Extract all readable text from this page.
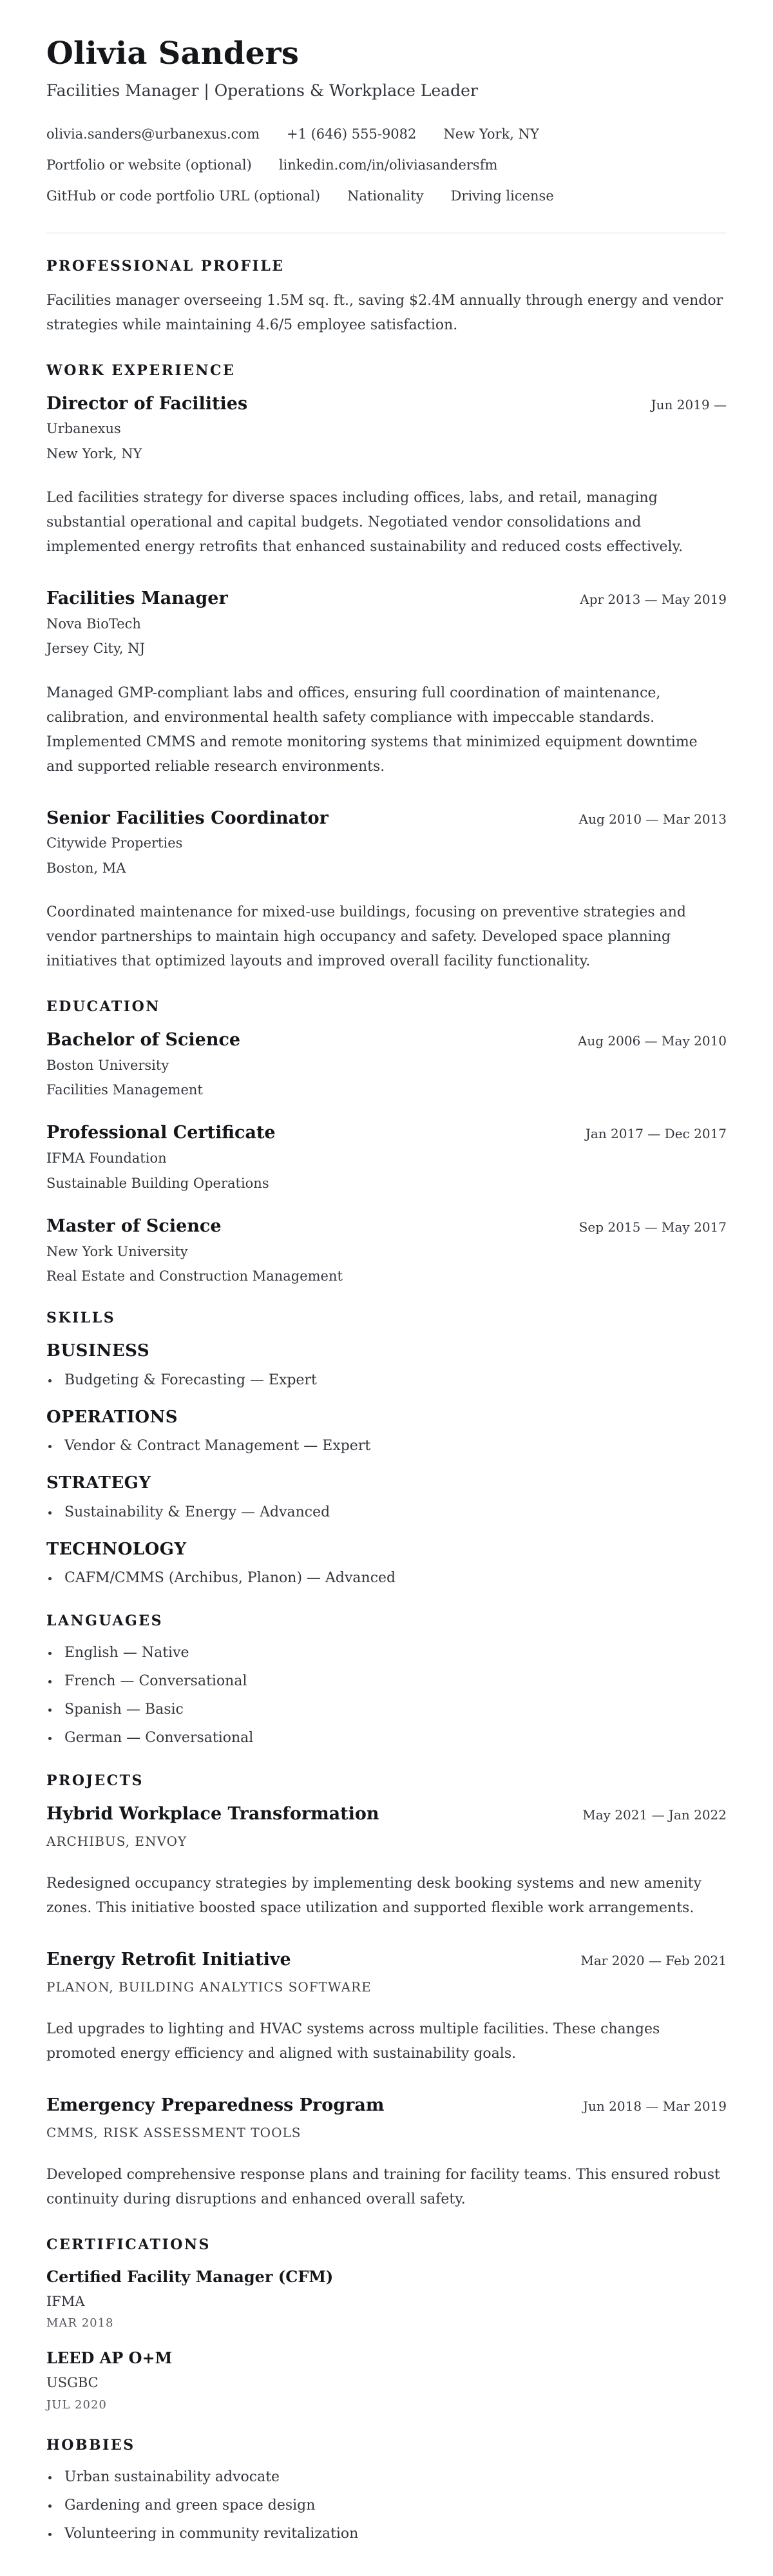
Olivia Sanders

Facilities Manager | Operations & Workplace Leader

olivia.sanders@urbanexus.com +1 (646) 555-9082 New York, NY
Portfolio or website (optional) linkedin.com/in/oliviasandersfm
GitHub or code portfolio URL (optional) Nationality Driving license
PROFESSIONAL PROFILE

Facilities manager overseeing 1.5M sq. ft., saving $2.4M annually through energy and vendor strategies while maintaining 4.6/5 employee satisfaction.

WORK EXPERIENCE
Director of Facilities	Jun 2019 —
Urbanexus
New York, NY

Led facilities strategy for diverse spaces including offices, labs, and retail, managing substantial operational and capital budgets. Negotiated vendor consolidations and implemented energy retrofits that enhanced sustainability and reduced costs effectively.

Facilities Manager	Apr 2013 — May 2019
Nova BioTech
Jersey City, NJ

Managed GMP-compliant labs and offices, ensuring full coordination of maintenance, calibration, and environmental health safety compliance with impeccable standards. Implemented CMMS and remote monitoring systems that minimized equipment downtime and supported reliable research environments.

Senior Facilities Coordinator	Aug 2010 — Mar 2013
Citywide Properties
Boston, MA

Coordinated maintenance for mixed-use buildings, focusing on preventive strategies and vendor partnerships to maintain high occupancy and safety. Developed space planning initiatives that optimized layouts and improved overall facility functionality.

EDUCATION
Bachelor of Science	Aug 2006 — May 2010
Boston University
Facilities Management
Professional Certificate	Jan 2017 — Dec 2017
IFMA Foundation
Sustainable Building Operations
Master of Science	Sep 2015 — May 2017
New York University
Real Estate and Construction Management
SKILLS
BUSINESS
Budgeting & Forecasting — Expert
OPERATIONS
Vendor & Contract Management — Expert
STRATEGY
Sustainability & Energy — Advanced
TECHNOLOGY
CAFM/CMMS (Archibus, Planon) — Advanced
LANGUAGES
English — Native
French — Conversational
Spanish — Basic
German — Conversational
PROJECTS
Hybrid Workplace Transformation	May 2021 — Jan 2022
ARCHIBUS, ENVOY

Redesigned occupancy strategies by implementing desk booking systems and new amenity zones. This initiative boosted space utilization and supported flexible work arrangements.

Energy Retrofit Initiative	Mar 2020 — Feb 2021
PLANON, BUILDING ANALYTICS SOFTWARE

Led upgrades to lighting and HVAC systems across multiple facilities. These changes promoted energy efficiency and aligned with sustainability goals.

Emergency Preparedness Program	Jun 2018 — Mar 2019
CMMS, RISK ASSESSMENT TOOLS

Developed comprehensive response plans and training for facility teams. This ensured robust continuity during disruptions and enhanced overall safety.

CERTIFICATIONS
Certified Facility Manager (CFM)
IFMA
MAR 2018
LEED AP O+M
USGBC
JUL 2020
HOBBIES
Urban sustainability advocate
Gardening and green space design
Volunteering in community revitalization
